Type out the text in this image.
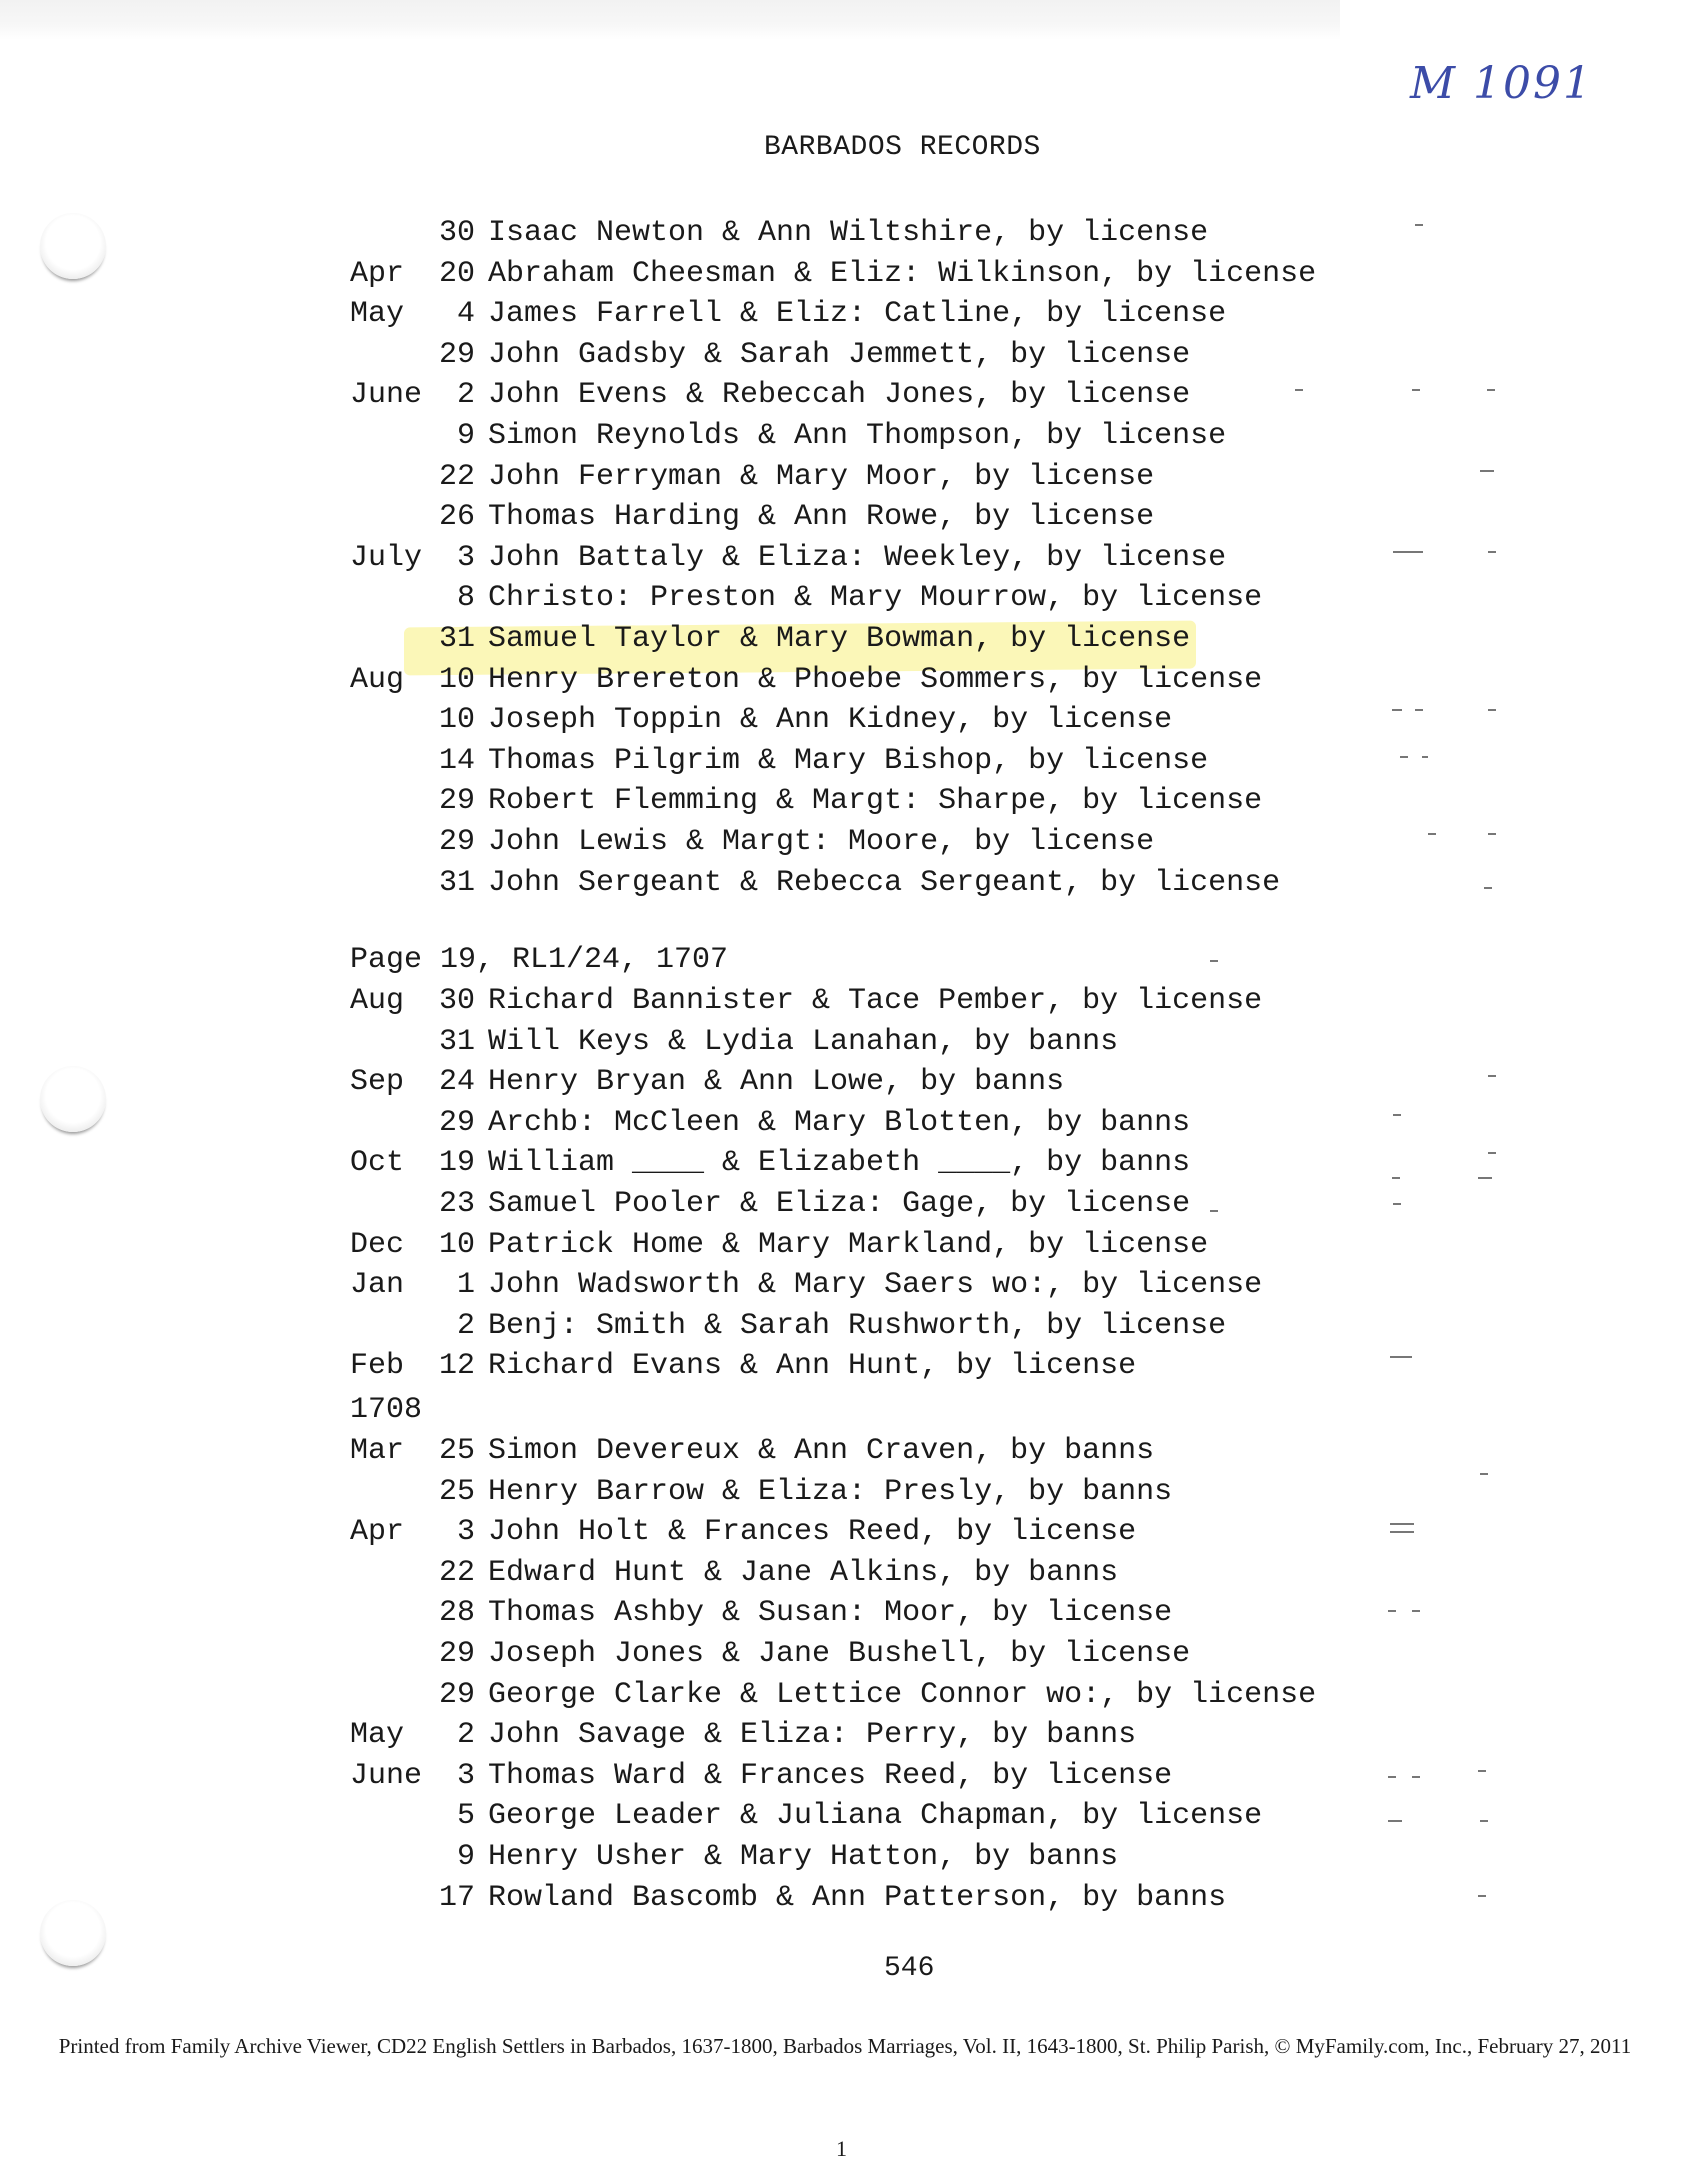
M 1091
BARBADOS RECORDS
30 Isaac Newton & Ann Wiltshire, by license
Apr	20 Abraham Cheesman & Eliz: Wilkinson, by license
May	4 James Farrell & Eliz: Catline, by license
29 John Gadsby & Sarah Jemmett, by license
June	2 John Evens & Rebeccah Jones, by license
9 Simon Reynolds & Ann Thompson, by license
22 John Ferryman & Mary Moor, by license
26 Thomas Harding & Ann Rowe, by license
July	3 John Battaly & Eliza: Weekley, by license
8 Christo: Preston & Mary Mourrow, by license
31 Samuel Taylor & Mary Bowman, by license
Aug	10 Henry Brereton & Phoebe Sommers, by license
10 Joseph Toppin & Ann Kidney, by license
14 Thomas Pilgrim & Mary Bishop, by license
29 Robert Flemming & Margt: Sharpe, by license
29 John Lewis & Margt: Moore, by license
31 John Sergeant & Rebecca Sergeant, by license
Page 19, RL1/24, 1707
Aug	30 Richard Bannister & Tace Pember, by license
31 Will Keys & Lydia Lanahan, by banns
Sep	24 Henry Bryan & Ann Lowe, by banns
29 Archb: McCleen & Mary Blotten, by banns
Oct	19 William ____ & Elizabeth ____, by banns
23 Samuel Pooler & Eliza: Gage, by license
Dec	10 Patrick Home & Mary Markland, by license
Jan	1 John Wadsworth & Mary Saers wo:, by license
2 Benj: Smith & Sarah Rushworth, by license
Feb	12 Richard Evans & Ann Hunt, by license
1708
Mar	25 Simon Devereux & Ann Craven, by banns
25 Henry Barrow & Eliza: Presly, by banns
Apr	3 John Holt & Frances Reed, by license
22 Edward Hunt & Jane Alkins, by banns
28 Thomas Ashby & Susan: Moor, by license
29 Joseph Jones & Jane Bushell, by license
29 George Clarke & Lettice Connor wo:, by license
May	2 John Savage & Eliza: Perry, by banns
June	3 Thomas Ward & Frances Reed, by license
5 George Leader & Juliana Chapman, by license
9 Henry Usher & Mary Hatton, by banns
17 Rowland Bascomb & Ann Patterson, by banns
546
Printed from Family Archive Viewer, CD22 English Settlers in Barbados, 1637-1800, Barbados Marriages, Vol. II, 1643-1800, St. Philip Parish, © MyFamily.com, Inc., February 27, 2011
1
